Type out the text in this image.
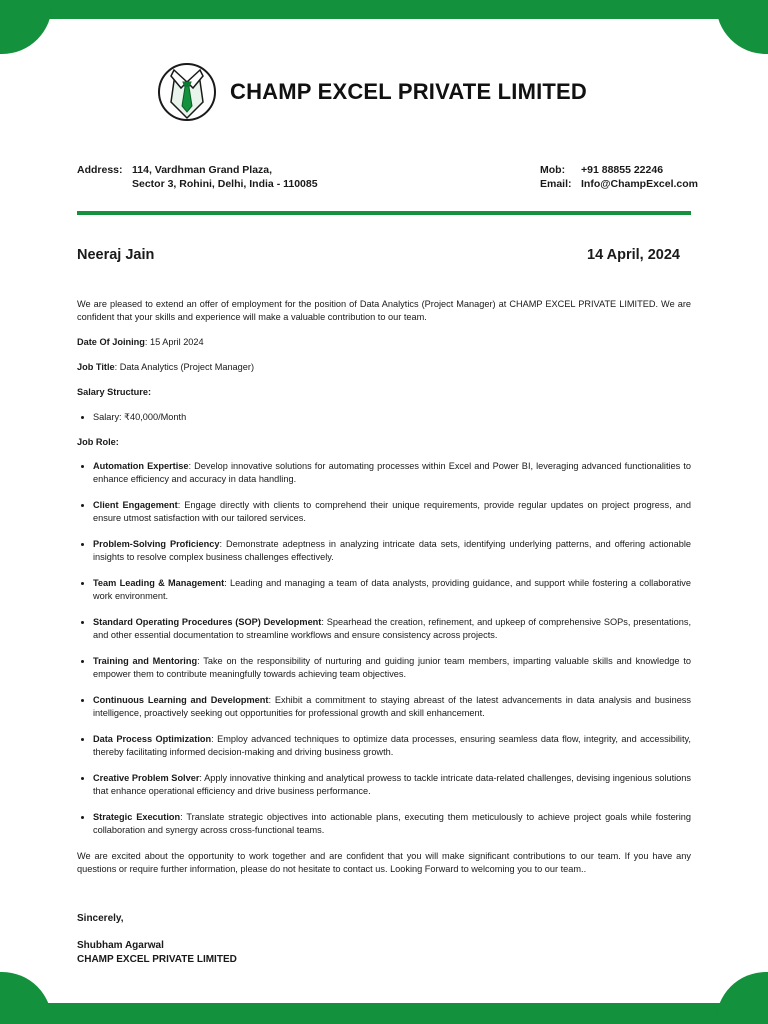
CHAMP EXCEL PRIVATE LIMITED
Address: 114, Vardhman Grand Plaza,
Sector 3, Rohini, Delhi, India - 110085
Mob:	+91 88855 22246
Email: Info@ChampExcel.com
Neeraj Jain	14 April, 2024

We are pleased to extend an offer of employment for the position of Data Analytics (Project Manager) at CHAMP EXCEL PRIVATE LIMITED. We are confident that your skills and experience will make a valuable contribution to our team.

Date Of Joining: 15 April 2024

Job Title: Data Analytics (Project Manager)

Salary Structure:

• Salary: ₹40,000/Month

Job Role:

• Automation Expertise: Develop innovative solutions for automating processes within Excel and Power BI, leveraging advanced functionalities to enhance efficiency and accuracy in data handling.
• Client Engagement: Engage directly with clients to comprehend their unique requirements, provide regular updates on project progress, and ensure utmost satisfaction with our tailored services.
• Problem-Solving Proficiency: Demonstrate adeptness in analyzing intricate data sets, identifying underlying patterns, and offering actionable insights to resolve complex business challenges effectively.
• Team Leading & Management: Leading and managing a team of data analysts, providing guidance, and support while fostering a collaborative work environment.
• Standard Operating Procedures (SOP) Development: Spearhead the creation, refinement, and upkeep of comprehensive SOPs, presentations, and other essential documentation to streamline workflows and ensure consistency across projects.
• Training and Mentoring: Take on the responsibility of nurturing and guiding junior team members, imparting valuable skills and knowledge to empower them to contribute meaningfully towards achieving team objectives.
• Continuous Learning and Development: Exhibit a commitment to staying abreast of the latest advancements in data analysis and business intelligence, proactively seeking out opportunities for professional growth and skill enhancement.
• Data Process Optimization: Employ advanced techniques to optimize data processes, ensuring seamless data flow, integrity, and accessibility, thereby facilitating informed decision-making and driving business growth.
• Creative Problem Solver: Apply innovative thinking and analytical prowess to tackle intricate data-related challenges, devising ingenious solutions that enhance operational efficiency and drive business performance.
• Strategic Execution: Translate strategic objectives into actionable plans, executing them meticulously to achieve project goals while fostering collaboration and synergy across cross-functional teams.

We are excited about the opportunity to work together and are confident that you will make significant contributions to our team. If you have any questions or require further information, please do not hesitate to contact us. Looking Forward to welcoming you to our team..

Sincerely,
Shubham Agarwal
CHAMP EXCEL PRIVATE LIMITED
